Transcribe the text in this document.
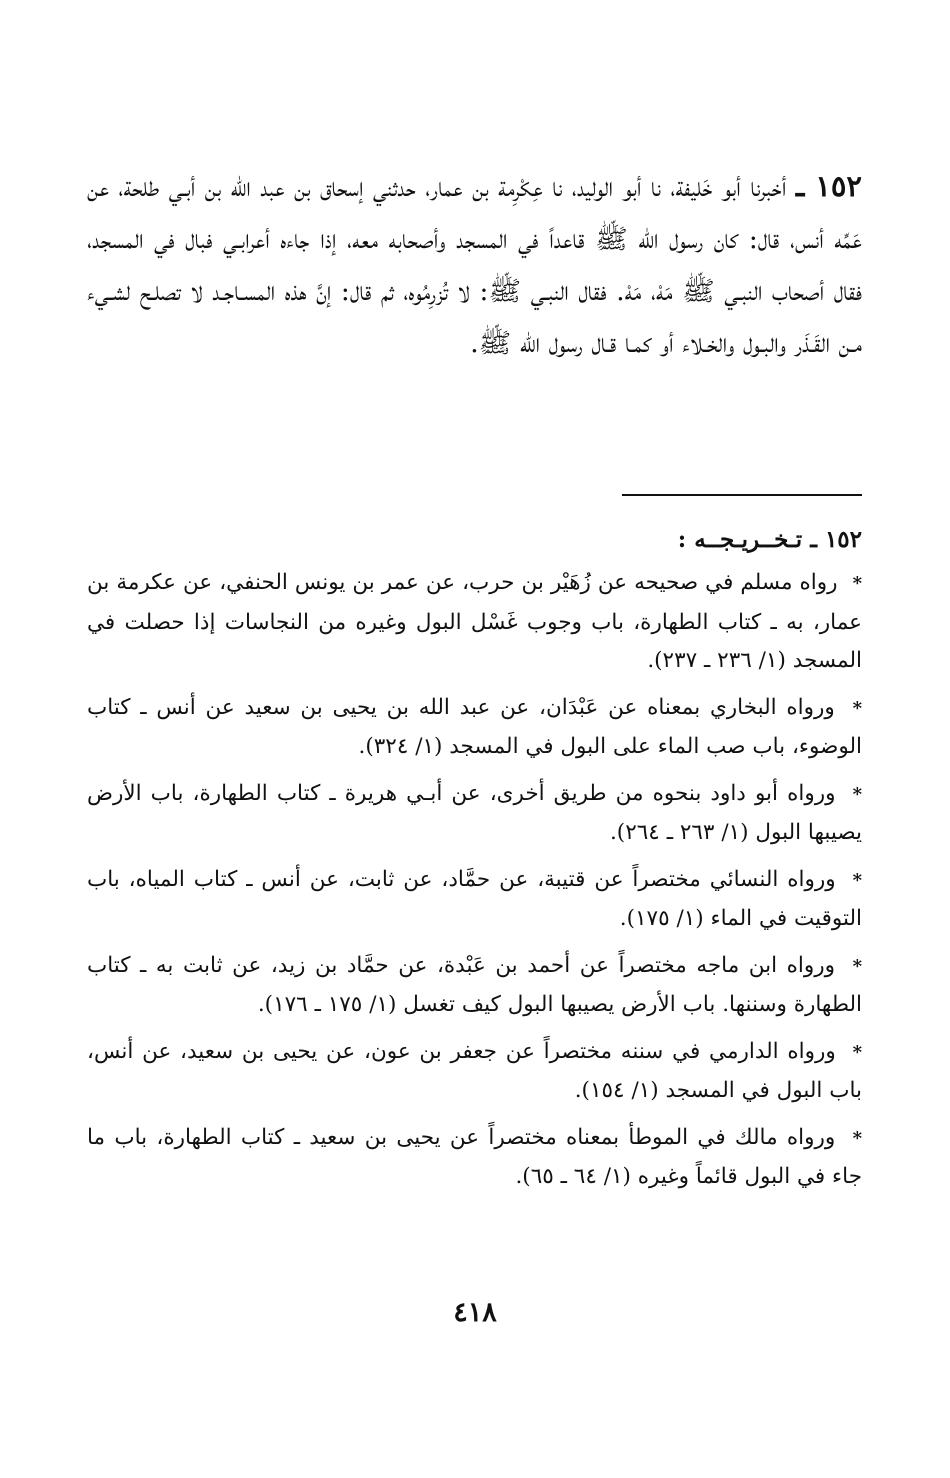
١٥٢ ـ أخبرنا أبو خَليفة، نا أبو الوليد، نا عِكْرِمة بن عمار، حدثني إسحاق بن عبد الله بن أبـي طلحة، عن عَمِّه أنس، قال: كان رسول الله ﷺ قاعداً في المسجد وأصحابه معه، إذا جاءه أعرابـي فبال في المسجد، فقال أصحاب النبـي ﷺ مَهْ، مَهْ. فقال النبـي ﷺ: لا تُزرِمُوه، ثم قال: إنَّ هذه المسـاجـد لا تصلـح لشـيء مـن القَـذَر والبـول والخـلاء أو كمـا قـال رسول الله ﷺ.
١٥٢ ـ تـخــريـجــه :
* رواه مسلم في صحيحه عن زُهَيْر بن حرب، عن عمر بن يونس الحنفي، عن عكرمة بن عمار، به ـ كتاب الطهارة، باب وجوب غَسْل البول وغيره من النجاسات إذا حصلت في المسجد (١/ ٢٣٦ ـ ٢٣٧).
* ورواه البخاري بمعناه عن عَبْدَان، عن عبد الله بن يحيى بن سعيد عن أنس ـ كتاب الوضوء، باب صب الماء على البول في المسجد (١/ ٣٢٤).
* ورواه أبو داود بنحوه من طريق أخرى، عن أبـي هريرة ـ كتاب الطهارة، باب الأرض يصيبها البول (١/ ٢٦٣ ـ ٢٦٤).
* ورواه النسائي مختصراً عن قتيبة، عن حمَّاد، عن ثابت، عن أنس ـ كتاب المياه، باب التوقيت في الماء (١/ ١٧٥).
* ورواه ابن ماجه مختصراً عن أحمد بن عَبْدة، عن حمَّاد بن زيد، عن ثابت به ـ كتاب الطهارة وسننها. باب الأرض يصيبها البول كيف تغسل (١/ ١٧٥ ـ ١٧٦).
* ورواه الدارمي في سننه مختصراً عن جعفر بن عون، عن يحيى بن سعيد، عن أنس، باب البول في المسجد (١/ ١٥٤).
* ورواه مالك في الموطأ بمعناه مختصراً عن يحيى بن سعيد ـ كتاب الطهارة، باب ما جاء في البول قائماً وغيره (١/ ٦٤ ـ ٦٥).
٤١٨
